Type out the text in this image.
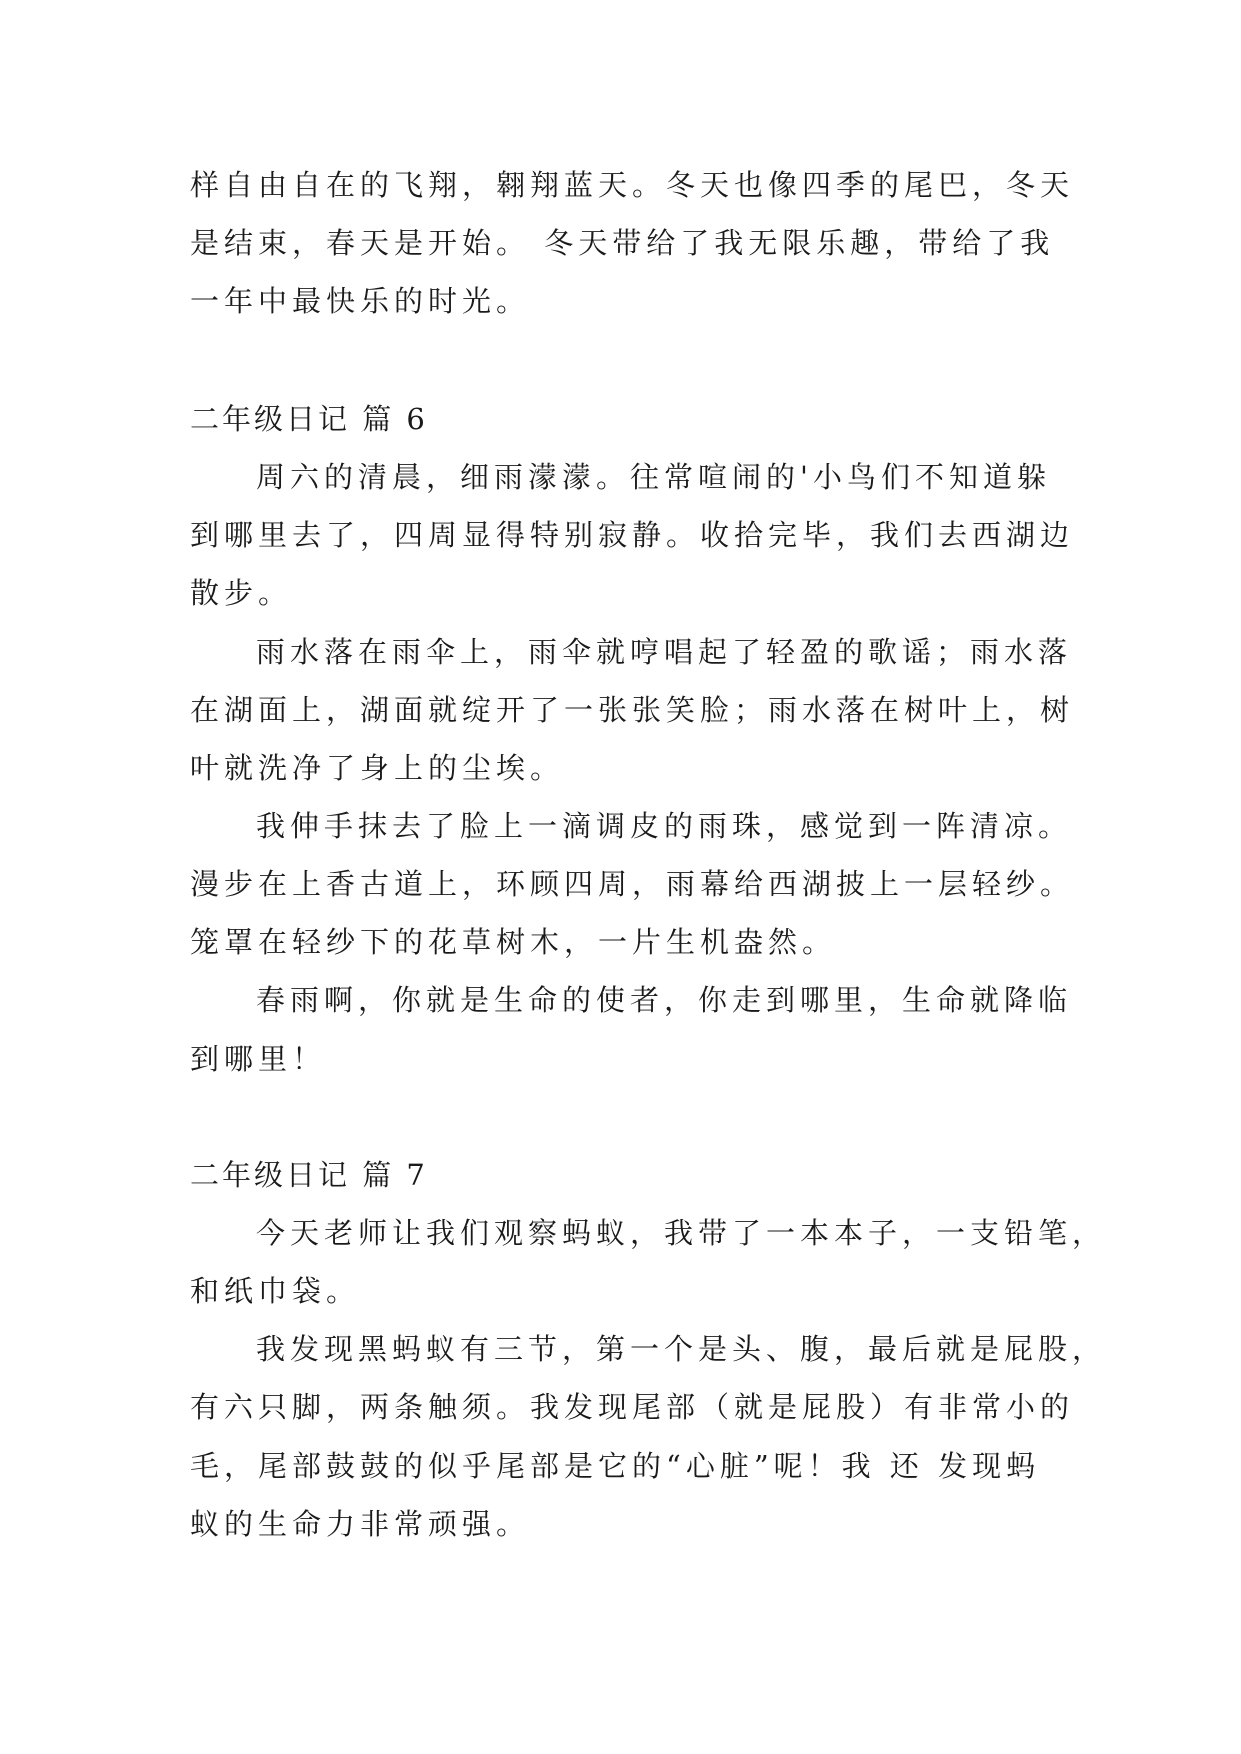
样自由自在的飞翔，翱翔蓝天。冬天也像四季的尾巴，冬天
是结束，春天是开始。 冬天带给了我无限乐趣，带给了我
一年中最快乐的时光。
二年级日记 篇 6
周六的清晨，细雨濛濛。往常喧闹的'小鸟们不知道躲
到哪里去了，四周显得特别寂静。收拾完毕，我们去西湖边
散步。
雨水落在雨伞上，雨伞就哼唱起了轻盈的歌谣；雨水落
在湖面上，湖面就绽开了一张张笑脸；雨水落在树叶上，树
叶就洗净了身上的尘埃。
我伸手抹去了脸上一滴调皮的雨珠，感觉到一阵清凉。
漫步在上香古道上，环顾四周，雨幕给西湖披上一层轻纱。
笼罩在轻纱下的花草树木，一片生机盎然。
春雨啊，你就是生命的使者，你走到哪里，生命就降临
到哪里！
二年级日记 篇 7
今天老师让我们观察蚂蚁，我带了一本本子，一支铅笔，
和纸巾袋。
我发现黑蚂蚁有三节，第一个是头、腹，最后就是屁股，
有六只脚，两条触须。我发现尾部（就是屁股）有非常小的
毛，尾部鼓鼓的似乎尾部是它的“心脏”呢！我 还 发现蚂
蚁的生命力非常顽强。
